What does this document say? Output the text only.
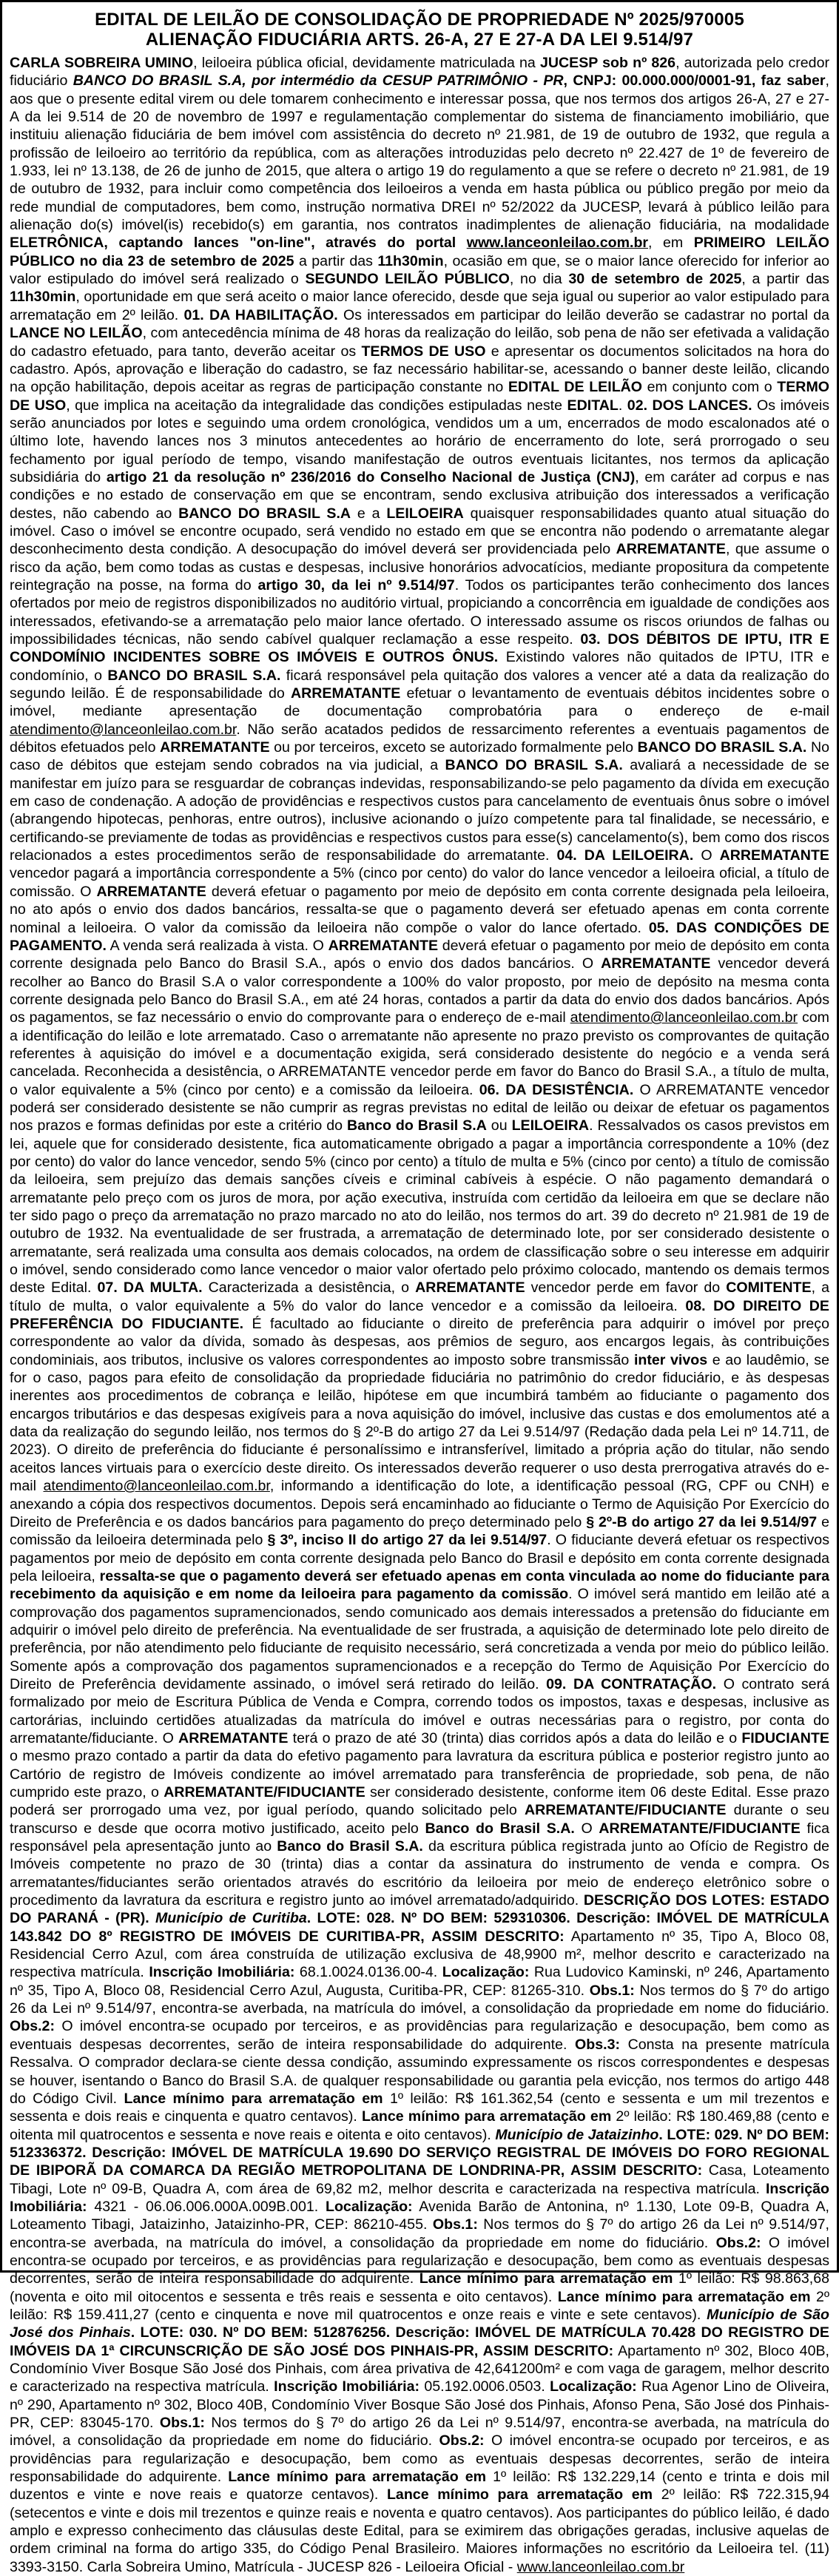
EDITAL DE LEILÃO DE CONSOLIDAÇÃO DE PROPRIEDADE Nº 2025/970005
ALIENAÇÃO FIDUCIÁRIA ARTS. 26-A, 27 E 27-A DA LEI 9.514/97

CARLA SOBREIRA UMINO, leiloeira pública oficial, devidamente matriculada na JUCESP sob nº 826, autorizada pelo credor fiduciário BANCO DO BRASIL S.A, por intermédio da CESUP PATRIMÔNIO - PR, CNPJ: 00.000.000/0001-91, faz saber, aos que o presente edital virem ou dele tomarem conhecimento e interessar possa, que nos termos dos artigos 26-A, 27 e 27-A da lei 9.514 de 20 de novembro de 1997 e regulamentação complementar do sistema de financiamento imobiliário, que instituiu alienação fiduciária de bem imóvel com assistência do decreto nº 21.981, de 19 de outubro de 1932, que regula a profissão de leiloeiro ao território da república, com as alterações introduzidas pelo decreto nº 22.427 de 1º de fevereiro de 1.933, lei nº 13.138, de 26 de junho de 2015, que altera o artigo 19 do regulamento a que se refere o decreto nº 21.981, de 19 de outubro de 1932, para incluir como competência dos leiloeiros a venda em hasta pública ou público pregão por meio da rede mundial de computadores, bem como, instrução normativa DREI nº 52/2022 da JUCESP, levará à público leilão para alienação do(s) imóvel(is) recebido(s) em garantia, nos contratos inadimplentes de alienação fiduciária, na modalidade ELETRÔNICA, captando lances "on-line", através do portal www.lanceonleilao.com.br, em PRIMEIRO LEILÃO PÚBLICO no dia 23 de setembro de 2025 a partir das 11h30min, ocasião em que, se o maior lance oferecido for inferior ao valor estipulado do imóvel será realizado o SEGUNDO LEILÃO PÚBLICO, no dia 30 de setembro de 2025, a partir das 11h30min, oportunidade em que será aceito o maior lance oferecido, desde que seja igual ou superior ao valor estipulado para arrematação em 2º leilão. 01. DA HABILITAÇÃO. Os interessados em participar do leilão deverão se cadastrar no portal da LANCE NO LEILÃO, com antecedência mínima de 48 horas da realização do leilão, sob pena de não ser efetivada a validação do cadastro efetuado, para tanto, deverão aceitar os TERMOS DE USO e apresentar os documentos solicitados na hora do cadastro. Após, aprovação e liberação do cadastro, se faz necessário habilitar-se, acessando o banner deste leilão, clicando na opção habilitação, depois aceitar as regras de participação constante no EDITAL DE LEILÃO em conjunto com o TERMO DE USO, que implica na aceitação da integralidade das condições estipuladas neste EDITAL. 02. DOS LANCES. Os imóveis serão anunciados por lotes e seguindo uma ordem cronológica, vendidos um a um, encerrados de modo escalonados até o último lote, havendo lances nos 3 minutos antecedentes ao horário de encerramento do lote, será prorrogado o seu fechamento por igual período de tempo, visando manifestação de outros eventuais licitantes, nos termos da aplicação subsidiária do artigo 21 da resolução nº 236/2016 do Conselho Nacional de Justiça (CNJ), em caráter ad corpus e nas condições e no estado de conservação em que se encontram, sendo exclusiva atribuição dos interessados a verificação destes, não cabendo ao BANCO DO BRASIL S.A e a LEILOEIRA quaisquer responsabilidades quanto atual situação do imóvel. Caso o imóvel se encontre ocupado, será vendido no estado em que se encontra não podendo o arrematante alegar desconhecimento desta condição. A desocupação do imóvel deverá ser providenciada pelo ARREMATANTE, que assume o risco da ação, bem como todas as custas e despesas, inclusive honorários advocatícios, mediante propositura da competente reintegração na posse, na forma do artigo 30, da lei nº 9.514/97. Todos os participantes terão conhecimento dos lances ofertados por meio de registros disponibilizados no auditório virtual, propiciando a concorrência em igualdade de condições aos interessados, efetivando-se a arrematação pelo maior lance ofertado. O interessado assume os riscos oriundos de falhas ou impossibilidades técnicas, não sendo cabível qualquer reclamação a esse respeito. 03. DOS DÉBITOS DE IPTU, ITR E CONDOMÍNIO INCIDENTES SOBRE OS IMÓVEIS E OUTROS ÔNUS. Existindo valores não quitados de IPTU, ITR e condomínio, o BANCO DO BRASIL S.A. ficará responsável pela quitação dos valores a vencer até a data da realização do segundo leilão. É de responsabilidade do ARREMATANTE efetuar o levantamento de eventuais débitos incidentes sobre o imóvel, mediante apresentação de documentação comprobatória para o endereço de e-mail atendimento@lanceonleilao.com.br. Não serão acatados pedidos de ressarcimento referentes a eventuais pagamentos de débitos efetuados pelo ARREMATANTE ou por terceiros, exceto se autorizado formalmente pelo BANCO DO BRASIL S.A. No caso de débitos que estejam sendo cobrados na via judicial, a BANCO DO BRASIL S.A. avaliará a necessidade de se manifestar em juízo para se resguardar de cobranças indevidas, responsabilizando-se pelo pagamento da dívida em execução em caso de condenação. A adoção de providências e respectivos custos para cancelamento de eventuais ônus sobre o imóvel (abrangendo hipotecas, penhoras, entre outros), inclusive acionando o juízo competente para tal finalidade, se necessário, e certificando-se previamente de todas as providências e respectivos custos para esse(s) cancelamento(s), bem como dos riscos relacionados a estes procedimentos serão de responsabilidade do arrematante. 04. DA LEILOEIRA. O ARREMATANTE vencedor pagará a importância correspondente a 5% (cinco por cento) do valor do lance vencedor a leiloeira oficial, a título de comissão. O ARREMATANTE deverá efetuar o pagamento por meio de depósito em conta corrente designada pela leiloeira, no ato após o envio dos dados bancários, ressalta-se que o pagamento deverá ser efetuado apenas em conta corrente nominal a leiloeira. O valor da comissão da leiloeira não compõe o valor do lance ofertado. 05. DAS CONDIÇÕES DE PAGAMENTO. A venda será realizada à vista. O ARREMATANTE deverá efetuar o pagamento por meio de depósito em conta corrente designada pelo Banco do Brasil S.A., após o envio dos dados bancários. O ARREMATANTE vencedor deverá recolher ao Banco do Brasil S.A o valor correspondente a 100% do valor proposto, por meio de depósito na mesma conta corrente designada pelo Banco do Brasil S.A., em até 24 horas, contados a partir da data do envio dos dados bancários. Após os pagamentos, se faz necessário o envio do comprovante para o endereço de e-mail atendimento@lanceonleilao.com.br com a identificação do leilão e lote arrematado. Caso o arrematante não apresente no prazo previsto os comprovantes de quitação referentes à aquisição do imóvel e a documentação exigida, será considerado desistente do negócio e a venda será cancelada. Reconhecida a desistência, o ARREMATANTE vencedor perde em favor do Banco do Brasil S.A., a título de multa, o valor equivalente a 5% (cinco por cento) e a comissão da leiloeira. 06. DA DESISTÊNCIA. O ARREMATANTE vencedor poderá ser considerado desistente se não cumprir as regras previstas no edital de leilão ou deixar de efetuar os pagamentos nos prazos e formas definidas por este a critério do Banco do Brasil S.A ou LEILOEIRA. Ressalvados os casos previstos em lei, aquele que for considerado desistente, fica automaticamente obrigado a pagar a importância correspondente a 10% (dez por cento) do valor do lance vencedor, sendo 5% (cinco por cento) a título de multa e 5% (cinco por cento) a título de comissão da leiloeira, sem prejuízo das demais sanções cíveis e criminal cabíveis à espécie. O não pagamento demandará o arrematante pelo preço com os juros de mora, por ação executiva, instruída com certidão da leiloeira em que se declare não ter sido pago o preço da arrematação no prazo marcado no ato do leilão, nos termos do art. 39 do decreto nº 21.981 de 19 de outubro de 1932. Na eventualidade de ser frustrada, a arrematação de determinado lote, por ser considerado desistente o arrematante, será realizada uma consulta aos demais colocados, na ordem de classificação sobre o seu interesse em adquirir o imóvel, sendo considerado como lance vencedor o maior valor ofertado pelo próximo colocado, mantendo os demais termos deste Edital. 07. DA MULTA. Caracterizada a desistência, o ARREMATANTE vencedor perde em favor do COMITENTE, a título de multa, o valor equivalente a 5% do valor do lance vencedor e a comissão da leiloeira. 08. DO DIREITO DE PREFERÊNCIA DO FIDUCIANTE. É facultado ao fiduciante o direito de preferência para adquirir o imóvel por preço correspondente ao valor da dívida, somado às despesas, aos prêmios de seguro, aos encargos legais, às contribuições condominiais, aos tributos, inclusive os valores correspondentes ao imposto sobre transmissão inter vivos e ao laudêmio, se for o caso, pagos para efeito de consolidação da propriedade fiduciária no patrimônio do credor fiduciário, e às despesas inerentes aos procedimentos de cobrança e leilão, hipótese em que incumbirá também ao fiduciante o pagamento dos encargos tributários e das despesas exigíveis para a nova aquisição do imóvel, inclusive das custas e dos emolumentos até a data da realização do segundo leilão, nos termos do § 2º-B do artigo 27 da Lei 9.514/97 (Redação dada pela Lei nº 14.711, de 2023). O direito de preferência do fiduciante é personalíssimo e intransferível, limitado a própria ação do titular, não sendo aceitos lances virtuais para o exercício deste direito. Os interessados deverão requerer o uso desta prerrogativa através do e-mail atendimento@lanceonleilao.com.br, informando a identificação do lote, a identificação pessoal (RG, CPF ou CNH) e anexando a cópia dos respectivos documentos. Depois será encaminhado ao fiduciante o Termo de Aquisição Por Exercício do Direito de Preferência e os dados bancários para pagamento do preço determinado pelo § 2º-B do artigo 27 da lei 9.514/97 e comissão da leiloeira determinada pelo § 3º, inciso II do artigo 27 da lei 9.514/97. O fiduciante deverá efetuar os respectivos pagamentos por meio de depósito em conta corrente designada pelo Banco do Brasil e depósito em conta corrente designada pela leiloeira, ressalta-se que o pagamento deverá ser efetuado apenas em conta vinculada ao nome do fiduciante para recebimento da aquisição e em nome da leiloeira para pagamento da comissão. O imóvel será mantido em leilão até a comprovação dos pagamentos supramencionados, sendo comunicado aos demais interessados a pretensão do fiduciante em adquirir o imóvel pelo direito de preferência. Na eventualidade de ser frustrada, a aquisição de determinado lote pelo direito de preferência, por não atendimento pelo fiduciante de requisito necessário, será concretizada a venda por meio do público leilão. Somente após a comprovação dos pagamentos supramencionados e a recepção do Termo de Aquisição Por Exercício do Direito de Preferência devidamente assinado, o imóvel será retirado do leilão. 09. DA CONTRATAÇÃO. O contrato será formalizado por meio de Escritura Pública de Venda e Compra, correndo todos os impostos, taxas e despesas, inclusive as cartorárias, incluindo certidões atualizadas da matrícula do imóvel e outras necessárias para o registro, por conta do arrematante/fiduciante. O ARREMATANTE terá o prazo de até 30 (trinta) dias corridos após a data do leilão e o FIDUCIANTE o mesmo prazo contado a partir da data do efetivo pagamento para lavratura da escritura pública e posterior registro junto ao Cartório de registro de Imóveis condizente ao imóvel arrematado para transferência de propriedade, sob pena, de não cumprido este prazo, o ARREMATANTE/FIDUCIANTE ser considerado desistente, conforme item 06 deste Edital. Esse prazo poderá ser prorrogado uma vez, por igual período, quando solicitado pelo ARREMATANTE/FIDUCIANTE durante o seu transcurso e desde que ocorra motivo justificado, aceito pelo Banco do Brasil S.A. O ARREMATANTE/FIDUCIANTE fica responsável pela apresentação junto ao Banco do Brasil S.A. da escritura pública registrada junto ao Ofício de Registro de Imóveis competente no prazo de 30 (trinta) dias a contar da assinatura do instrumento de venda e compra. Os arrematantes/fiduciantes serão orientados através do escritório da leiloeira por meio de endereço eletrônico sobre o procedimento da lavratura da escritura e registro junto ao imóvel arrematado/adquirido. DESCRIÇÃO DOS LOTES: ESTADO DO PARANÁ - (PR). Município de Curitiba. LOTE: 028. Nº DO BEM: 529310306. Descrição: IMÓVEL DE MATRÍCULA 143.842 DO 8º REGISTRO DE IMÓVEIS DE CURITIBA-PR, ASSIM DESCRITO: Apartamento nº 35, Tipo A, Bloco 08, Residencial Cerro Azul, com área construída de utilização exclusiva de 48,9900 m², melhor descrito e caracterizado na respectiva matrícula. Inscrição Imobiliária: 68.1.0024.0136.00-4. Localização: Rua Ludovico Kaminski, nº 246, Apartamento nº 35, Tipo A, Bloco 08, Residencial Cerro Azul, Augusta, Curitiba-PR, CEP: 81265-310. Obs.1: Nos termos do § 7º do artigo 26 da Lei nº 9.514/97, encontra-se averbada, na matrícula do imóvel, a consolidação da propriedade em nome do fiduciário. Obs.2: O imóvel encontra-se ocupado por terceiros, e as providências para regularização e desocupação, bem como as eventuais despesas decorrentes, serão de inteira responsabilidade do adquirente. Obs.3: Consta na presente matrícula Ressalva. O comprador declara-se ciente dessa condição, assumindo expressamente os riscos correspondentes e despesas se houver, isentando o Banco do Brasil S.A. de qualquer responsabilidade ou garantia pela evicção, nos termos do artigo 448 do Código Civil. Lance mínimo para arrematação em 1º leilão: R$ 161.362,54 (cento e sessenta e um mil trezentos e sessenta e dois reais e cinquenta e quatro centavos). Lance mínimo para arrematação em 2º leilão: R$ 180.469,88 (cento e oitenta mil quatrocentos e sessenta e nove reais e oitenta e oito centavos). Município de Jataizinho. LOTE: 029. Nº DO BEM: 512336372. Descrição: IMÓVEL DE MATRÍCULA 19.690 DO SERVIÇO REGISTRAL DE IMÓVEIS DO FORO REGIONAL DE IBIPORÃ DA COMARCA DA REGIÃO METROPOLITANA DE LONDRINA-PR, ASSIM DESCRITO: Casa, Loteamento Tibagi, Lote nº 09-B, Quadra A, com área de 69,82 m2, melhor descrita e caracterizada na respectiva matrícula. Inscrição Imobiliária: 4321 - 06.06.006.000A.009B.001. Localização: Avenida Barão de Antonina, nº 1.130, Lote 09-B, Quadra A, Loteamento Tibagi, Jataizinho, Jataizinho-PR, CEP: 86210-455. Obs.1: Nos termos do § 7º do artigo 26 da Lei nº 9.514/97, encontra-se averbada, na matrícula do imóvel, a consolidação da propriedade em nome do fiduciário. Obs.2: O imóvel encontra-se ocupado por terceiros, e as providências para regularização e desocupação, bem como as eventuais despesas decorrentes, serão de inteira responsabilidade do adquirente. Lance mínimo para arrematação em 1º leilão: R$ 98.863,68 (noventa e oito mil oitocentos e sessenta e três reais e sessenta e oito centavos). Lance mínimo para arrematação em 2º leilão: R$ 159.411,27 (cento e cinquenta e nove mil quatrocentos e onze reais e vinte e sete centavos). Município de São José dos Pinhais. LOTE: 030. Nº DO BEM: 512876256. Descrição: IMÓVEL DE MATRÍCULA 70.428 DO REGISTRO DE IMÓVEIS DA 1ª CIRCUNSCRIÇÃO DE SÃO JOSÉ DOS PINHAIS-PR, ASSIM DESCRITO: Apartamento nº 302, Bloco 40B, Condomínio Viver Bosque São José dos Pinhais, com área privativa de 42,641200m² e com vaga de garagem, melhor descrito e caracterizado na respectiva matrícula. Inscrição Imobiliária: 05.192.0006.0503. Localização: Rua Agenor Lino de Oliveira, nº 290, Apartamento nº 302, Bloco 40B, Condomínio Viver Bosque São José dos Pinhais, Afonso Pena, São José dos Pinhais-PR, CEP: 83045-170. Obs.1: Nos termos do § 7º do artigo 26 da Lei nº 9.514/97, encontra-se averbada, na matrícula do imóvel, a consolidação da propriedade em nome do fiduciário. Obs.2: O imóvel encontra-se ocupado por terceiros, e as providências para regularização e desocupação, bem como as eventuais despesas decorrentes, serão de inteira responsabilidade do adquirente. Lance mínimo para arrematação em 1º leilão: R$ 132.229,14 (cento e trinta e dois mil duzentos e vinte e nove reais e quatorze centavos). Lance mínimo para arrematação em 2º leilão: R$ 722.315,94 (setecentos e vinte e dois mil trezentos e quinze reais e noventa e quatro centavos). Aos participantes do público leilão, é dado amplo e expresso conhecimento das cláusulas deste Edital, para se eximirem das obrigações geradas, inclusive aquelas de ordem criminal na forma do artigo 335, do Código Penal Brasileiro. Maiores informações no escritório da Leiloeira tel. (11) 3393-3150. Carla Sobreira Umino, Matrícula - JUCESP 826 - Leiloeira Oficial - www.lanceonleilao.com.br
